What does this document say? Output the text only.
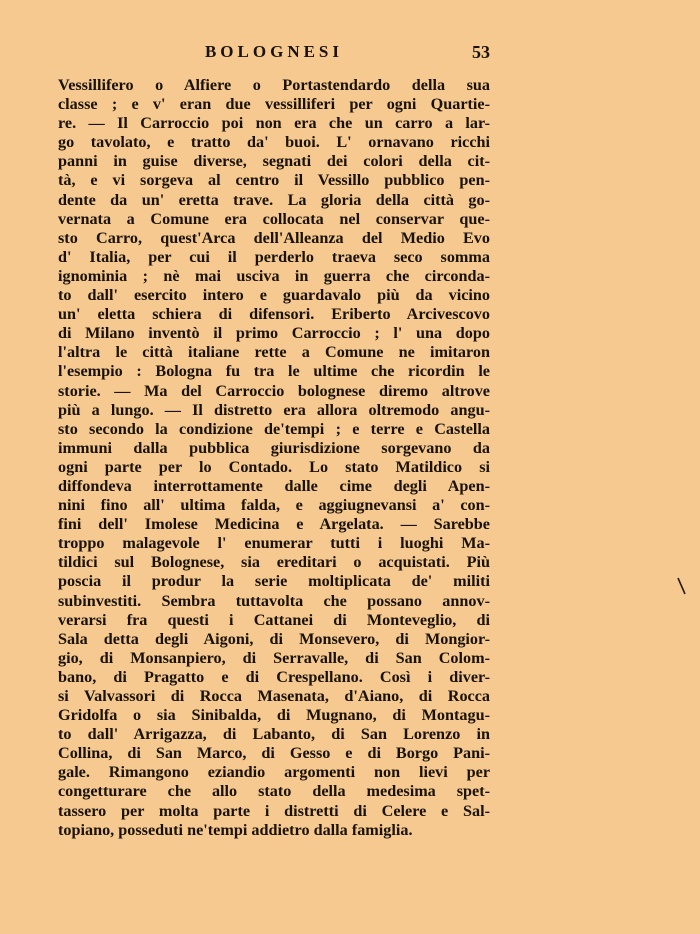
BOLOGNESI	53
Vessillifero o Alfiere o Portastendardo della sua
classe ; e v' eran due vessilliferi per ogni Quartie-
re. — Il Carroccio poi non era che un carro a lar-
go tavolato, e tratto da' buoi. L' ornavano ricchi
panni in guise diverse, segnati dei colori della cit-
tà, e vi sorgeva al centro il Vessillo pubblico pen-
dente da un' eretta trave. La gloria della città go-
vernata a Comune era collocata nel conservar que-
sto Carro, quest'Arca dell'Alleanza del Medio Evo
d' Italia, per cui il perderlo traeva seco somma
ignominia ; nè mai usciva in guerra che circonda-
to dall' esercito intero e guardavalo più da vicino
un' eletta schiera di difensori. Eriberto Arcivescovo
di Milano inventò il primo Carroccio ; l' una dopo
l'altra le città italiane rette a Comune ne imitaron
l'esempio : Bologna fu tra le ultime che ricordin le
storie. — Ma del Carroccio bolognese diremo altrove
più a lungo. — Il distretto era allora oltremodo angu-
sto secondo la condizione de'tempi ; e terre e Castella
immuni dalla pubblica giurisdizione sorgevano da
ogni parte per lo Contado. Lo stato Matildico si
diffondeva interrottamente dalle cime degli Apen-
nini fino all' ultima falda, e aggiugnevansi a' con-
fini dell' Imolese Medicina e Argelata. — Sarebbe
troppo malagevole l' enumerar tutti i luoghi Ma-
tildici sul Bolognese, sia ereditari o acquistati. Più
poscia il produr la serie moltiplicata de' militi
subinvestiti. Sembra tuttavolta che possano annov-
verarsi fra questi i Cattanei di Monteveglio, di
Sala detta degli Aigoni, di Monsevero, di Mongior-
gio, di Monsanpiero, di Serravalle, di San Colom-
bano, di Pragatto e di Crespellano. Così i diver-
si Valvassori di Rocca Masenata, d'Aiano, di Rocca
Gridolfa o sia Sinibalda, di Mugnano, di Montagu-
to dall' Arrigazza, di Labanto, di San Lorenzo in
Collina, di San Marco, di Gesso e di Borgo Pani-
gale. Rimangono eziandio argomenti non lievi per
congetturare che allo stato della medesima spet-
tassero per molta parte i distretti di Celere e Sal-
topiano, posseduti ne'tempi addietro dalla famiglia.
